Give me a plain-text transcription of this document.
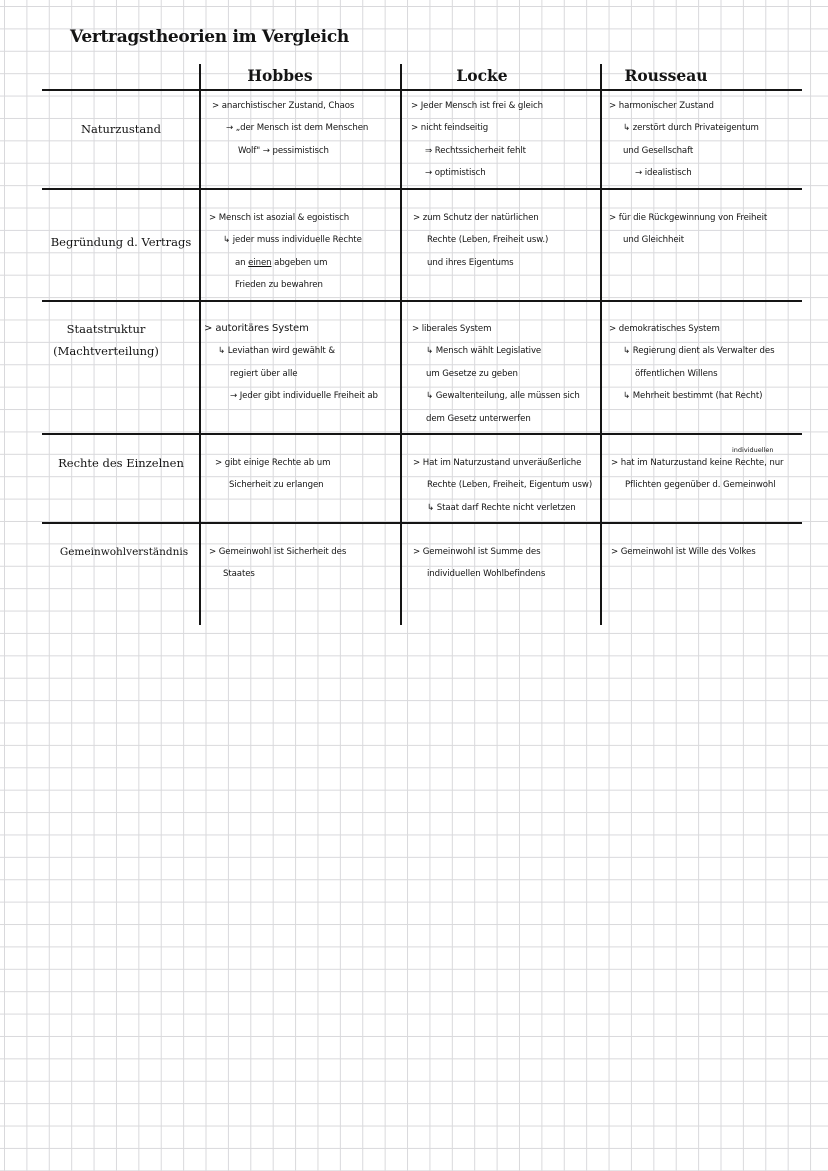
Vertragstheorien im Vergleich
Hobbes	Locke	Rousseau
Naturzustand
Begründung d. Vertrags
Staatstruktur
(Machtverteilung)
Rechte des Einzelnen
Gemeinwohlverständnis
> anarchistischer Zustand, Chaos
→ „der Mensch ist dem Menschen
Wolf" → pessimistisch
> Jeder Mensch ist frei & gleich
> nicht feindseitig
⇒ Rechtssicherheit fehlt
→ optimistisch
> harmonischer Zustand
↳ zerstört durch Privateigentum
und Gesellschaft
→ idealistisch
> Mensch ist asozial & egoistisch
↳ jeder muss individuelle Rechte
an einen abgeben um
Frieden zu bewahren
> zum Schutz der natürlichen
Rechte (Leben, Freiheit usw.)
und ihres Eigentums
> für die Rückgewinnung von Freiheit
und Gleichheit
> autoritäres System
↳ Leviathan wird gewählt &
regiert über alle
→ Jeder gibt individuelle Freiheit ab
> liberales System
↳ Mensch wählt Legislative
um Gesetze zu geben
↳ Gewaltenteilung, alle müssen sich
dem Gesetz unterwerfen
> demokratisches System
↳ Regierung dient als Verwalter des
öffentlichen Willens
↳ Mehrheit bestimmt (hat Recht)
> gibt einige Rechte ab um
Sicherheit zu erlangen
> Hat im Naturzustand unveräußerliche
Rechte (Leben, Freiheit, Eigentum usw)
↳ Staat darf Rechte nicht verletzen
> hat im Naturzustand keine Rechte, nur
Pflichten gegenüber d. Gemeinwohl
individuellen
> Gemeinwohl ist Sicherheit des
Staates
> Gemeinwohl ist Summe des
individuellen Wohlbefindens
> Gemeinwohl ist Wille des Volkes
